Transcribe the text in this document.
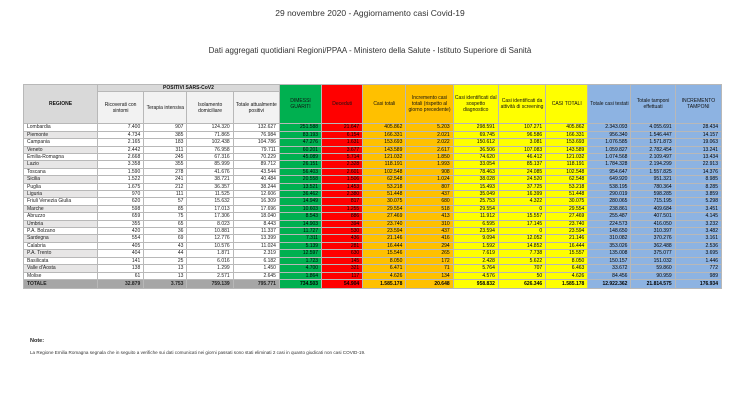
29 novembre 2020 - Aggiornamento casi Covid-19
Dati aggregati quotidiani Regioni/PPAA - Ministero della Salute - Istituto Superiore di Sanità
REGIONE	POSITIVI SARS-CoV2				DIMESSI GUARITI	Deceduti	Casi totali	Incremento casi totali (rispetto al giorno precedente)	Casi identificati dal sospetto diagnostico	Casi identificati da attività di screening	CASI TOTALI	Totale casi testati	Totale tamponi effettuati	INCREMENTO TAMPONI
	Ricoverati con sintomi	Terapia intensiva	Isolamento domiciliare	Totale attualmente positivi										
Lombardia	7.400	907	124.320	132.627	251.588	21.647	405.862	5.203	298.591	107.271	405.862	2.343.093	4.055.691	28.434
Piemonte	4.734	385	71.865	76.984	83.193	6.154	166.331	2.021	69.745	96.586	166.331	956.340	1.546.447	14.157
Campania	2.165	183	102.438	104.786	47.276	1.631	153.693	2.022	150.612	3.081	153.693	1.076.585	1.571.873	19.063
Veneto	2.442	311	76.958	79.711	60.201	3.677	143.589	2.617	36.506	107.083	143.589	1.059.827	2.782.454	13.241
Emilia-Romagna	2.668	245	67.316	70.229	45.089	5.714	121.032	1.850	74.620	46.412	121.032	1.074.568	2.109.497	13.434
Lazio	3.358	355	85.999	89.712	26.151	2.328	118.191	1.993	33.054	85.137	118.191	1.784.328	2.194.299	22.913
Toscana	1.590	278	41.676	43.544	56.403	2.601	102.548	908	78.463	24.085	102.548	954.647	1.557.825	14.376
Sicilia	1.522	241	38.721	40.484	20.558	1.506	62.548	1.024	38.028	24.520	62.548	649.920	951.321	8.985
Puglia	1.675	212	36.357	38.244	13.521	1.453	53.218	807	15.493	37.725	53.218	538.195	780.364	8.285
Liguria	970	111	11.525	12.606	36.462	2.380	51.448	437	35.049	16.399	51.448	290.019	598.285	3.859
Friuli Venezia Giulia	620	57	15.632	16.309	14.949	817	30.075	680	25.753	4.322	30.075	280.065	715.195	5.298
Marche	598	85	17.013	17.696	10.603	1.255	29.554	518	29.554	0	29.554	238.861	409.684	3.451
Abruzzo	659	75	17.306	18.040	8.543	886	27.469	413	11.912	15.557	27.469	255.487	407.501	4.145
Umbria	355	65	8.023	8.443	14.903	394	23.740	310	6.595	17.145	23.740	224.573	416.050	3.232
P.A. Bolzano	420	36	10.881	11.337	11.727	530	23.594	437	23.594	0	23.594	148.650	310.397	3.482
Sardegna	554	69	12.776	13.399	7.311	436	21.146	416	9.094	12.052	21.146	310.082	370.276	3.161
Calabria	405	43	10.576	11.024	5.139	281	16.444	294	1.592	14.852	16.444	353.026	362.488	2.536
P.A. Trento	404	44	1.871	2.319	12.597	630	15.546	265	7.619	7.738	15.557	135.008	375.077	3.695
Basilicata	141	25	6.016	6.182	1.723	145	8.050	172	2.428	5.622	8.050	150.157	151.032	1.446
Valle d'Aosta	138	13	1.299	1.450	4.700	321	6.471	71	5.764	707	6.463	33.672	59.860	772
Molise	61	13	2.571	2.645	1.864	117	4.626	134	4.576	50	4.626	84.456	90.959	989
TOTALE	32.879	3.753	759.139	795.771	734.503	54.904	1.585.178	20.648	958.832	626.346	1.585.178	12.922.362	21.814.575	176.934
Note:
La Regione Emilia Romagna segnala che in seguito a verifiche sui dati comunicati nei giorni passati sono stati eliminati 2 casi in quanto giudicati non casi COVID-19.
